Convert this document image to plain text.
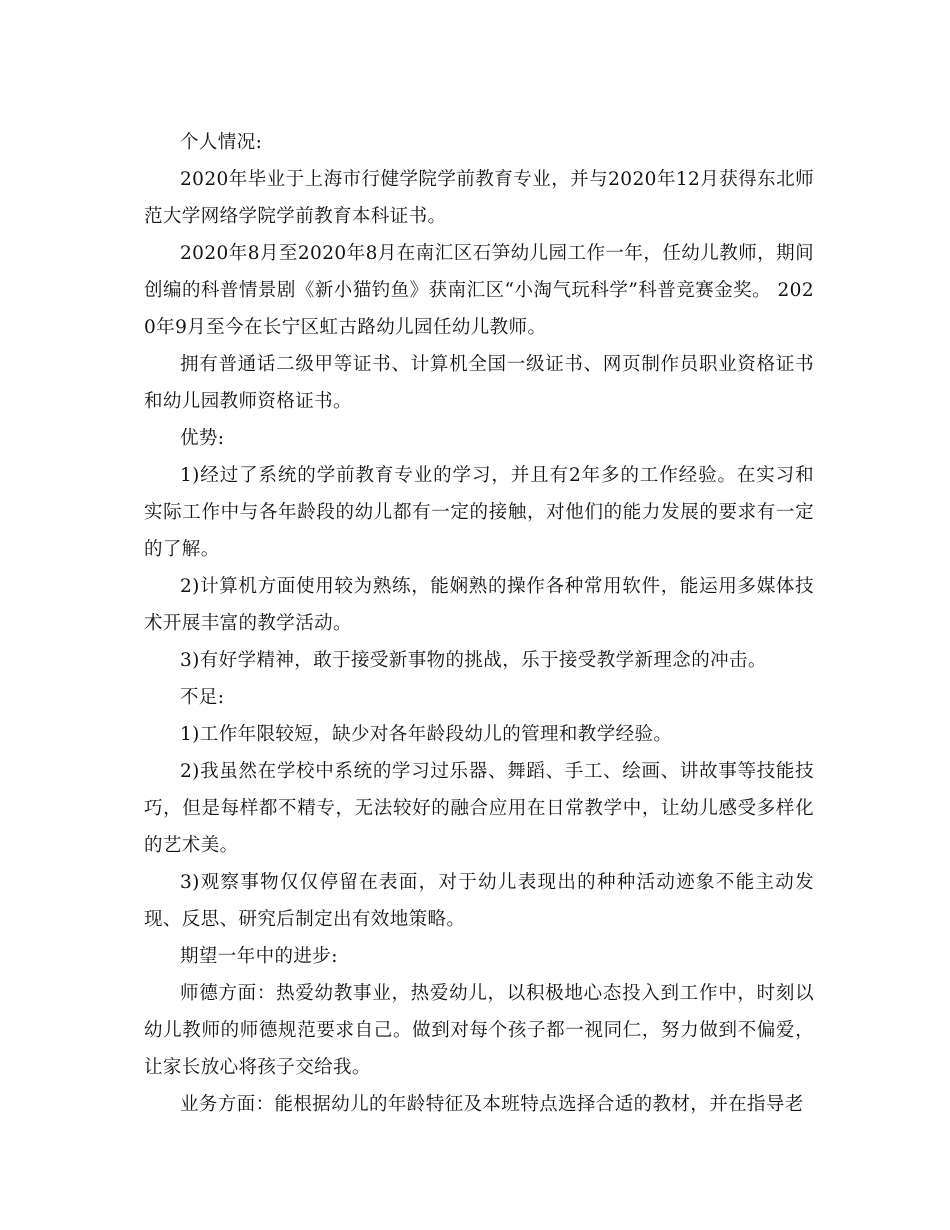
个人情况:

2020年毕业于上海市行健学院学前教育专业，并与2020年12月获得东北师范大学网络学院学前教育本科证书。

2020年8月至2020年8月在南汇区石笋幼儿园工作一年，任幼儿教师，期间创编的科普情景剧《新小猫钓鱼》获南汇区“小淘气玩科学”科普竞赛金奖。 2020年9月至今在长宁区虹古路幼儿园任幼儿教师。

拥有普通话二级甲等证书、计算机全国一级证书、网页制作员职业资格证书和幼儿园教师资格证书。

优势:

1)经过了系统的学前教育专业的学习，并且有2年多的工作经验。在实习和实际工作中与各年龄段的幼儿都有一定的接触，对他们的能力发展的要求有一定的了解。

2)计算机方面使用较为熟练，能娴熟的操作各种常用软件，能运用多媒体技术开展丰富的教学活动。

3)有好学精神，敢于接受新事物的挑战，乐于接受教学新理念的冲击。

不足:

1)工作年限较短，缺少对各年龄段幼儿的管理和教学经验。

2)我虽然在学校中系统的学习过乐器、舞蹈、手工、绘画、讲故事等技能技巧，但是每样都不精专，无法较好的融合应用在日常教学中，让幼儿感受多样化的艺术美。

3)观察事物仅仅停留在表面，对于幼儿表现出的种种活动迹象不能主动发现、反思、研究后制定出有效地策略。

期望一年中的进步:

师德方面：热爱幼教事业，热爱幼儿，以积极地心态投入到工作中，时刻以幼儿教师的师德规范要求自己。做到对每个孩子都一视同仁，努力做到不偏爱，让家长放心将孩子交给我。

业务方面：能根据幼儿的年龄特征及本班特点选择合适的教材，并在指导老
